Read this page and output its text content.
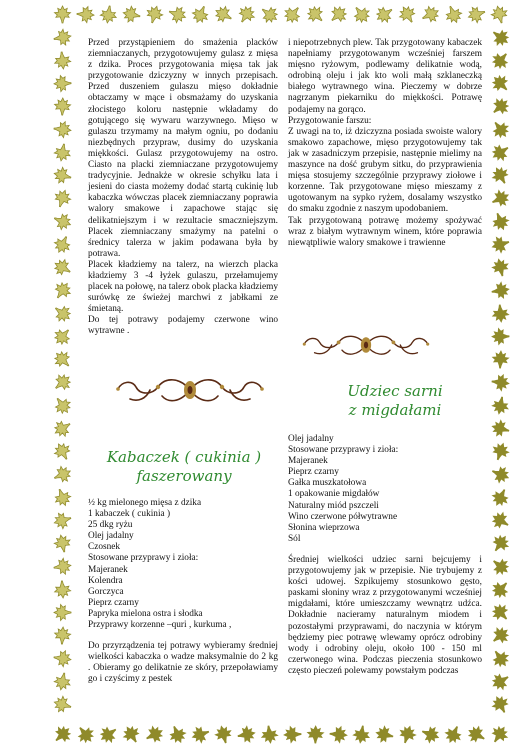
Przed przystąpieniem do smażenia placków ziemniaczanych, przygotowujemy gulasz z mięsa z dzika. Proces przygotowania mięsa tak jak przygotowanie dziczyzny w innych przepisach. Przed duszeniem gulaszu mięso dokładnie obtaczamy w mące i obsmażamy do uzyskania złocistego koloru następnie wkładamy do gotującego się wywaru warzywnego. Mięso w gulaszu trzymamy na małym ogniu, po dodaniu niezbędnych przypraw, dusimy do uzyskania miękkości. Gulasz przygotowujemy na ostro. Ciasto na placki ziemniaczane przygotowujemy tradycyjnie. Jednakże w okresie schyłku lata i jesieni do ciasta możemy dodać startą cukinię lub kabaczka wówczas placek ziemniaczany poprawia walory smakowe i zapachowe stając się delikatniejszym i w rezultacie smaczniejszym. Placek ziemniaczany smażymy na patelni o średnicy talerza w jakim podawana była by potrawa.

Placek kładziemy na talerz, na wierzch placka kładziemy 3 -4 łyżek gulaszu, przełamujemy placek na połowę, na talerz obok placka kładziemy surówkę ze świeżej marchwi z jabłkami ze śmietaną.

Do tej potrawy podajemy czerwone wino wytrawne .

i niepotrzebnych plew. Tak przygotowany kabaczek napełniamy przygotowanym wcześniej farszem mięsno ryżowym, podlewamy delikatnie wodą, odrobiną oleju i jak kto woli małą szklaneczką białego wytrawnego wina. Pieczemy w dobrze nagrzanym piekarniku do miękkości. Potrawę podajemy na gorąco.

Przygotowanie farszu:

Z uwagi na to, iż dziczyzna posiada swoiste walory smakowo zapachowe, mięso przygotowujemy tak jak w zasadniczym przepisie, następnie mielimy na maszynce na dość grubym sitku, do przyprawienia mięsa stosujemy szczególnie przyprawy ziołowe i korzenne. Tak przygotowane mięso mieszamy z ugotowanym na sypko ryżem, dosalamy wszystko do smaku zgodnie z naszym upodobaniem.

Tak przygotowaną potrawę możemy spożywać wraz z białym wytrawnym winem, które poprawia niewątpliwie walory smakowe i trawienne

Kabaczek ( cukinia )
faszerowany
Udziec sarni
z migdałami
½ kg mielonego mięsa z dzika
1 kabaczek ( cukinia )
25 dkg ryżu
Olej jadalny
Czosnek
Stosowane przyprawy i zioła:
Majeranek
Kolendra
Gorczyca
Pieprz czarny
Papryka mielona ostra i słodka
Przyprawy korzenne –quri , kurkuma ,

Do przyrządzenia tej potrawy wybieramy średniej wielkości kabaczka o wadze maksymalnie do 2 kg . Obieramy go delikatnie ze skóry, przepoławiamy go i czyścimy z pestek

Olej jadalny
Stosowane przyprawy i zioła:
Majeranek
Pieprz czarny
Gałka muszkatołowa
1 opakowanie migdałów
Naturalny miód pszczeli
Wino czerwone półwytrawne
Słonina wieprzowa
Sól

Średniej wielkości udziec sarni bejcujemy i przygotowujemy jak w przepisie. Nie trybujemy z kości udowej. Szpikujemy stosunkowo gęsto, paskami słoniny wraz z przygotowanymi wcześniej migdałami, które umieszczamy wewnątrz udźca. Dokładnie nacieramy naturalnym miodem i pozostałymi przyprawami, do naczynia w którym będziemy piec potrawę wlewamy oprócz odrobiny wody i odrobiny oleju, około 100 - 150 ml czerwonego wina. Podczas pieczenia stosunkowo często pieczeń polewamy powstałym podczas
